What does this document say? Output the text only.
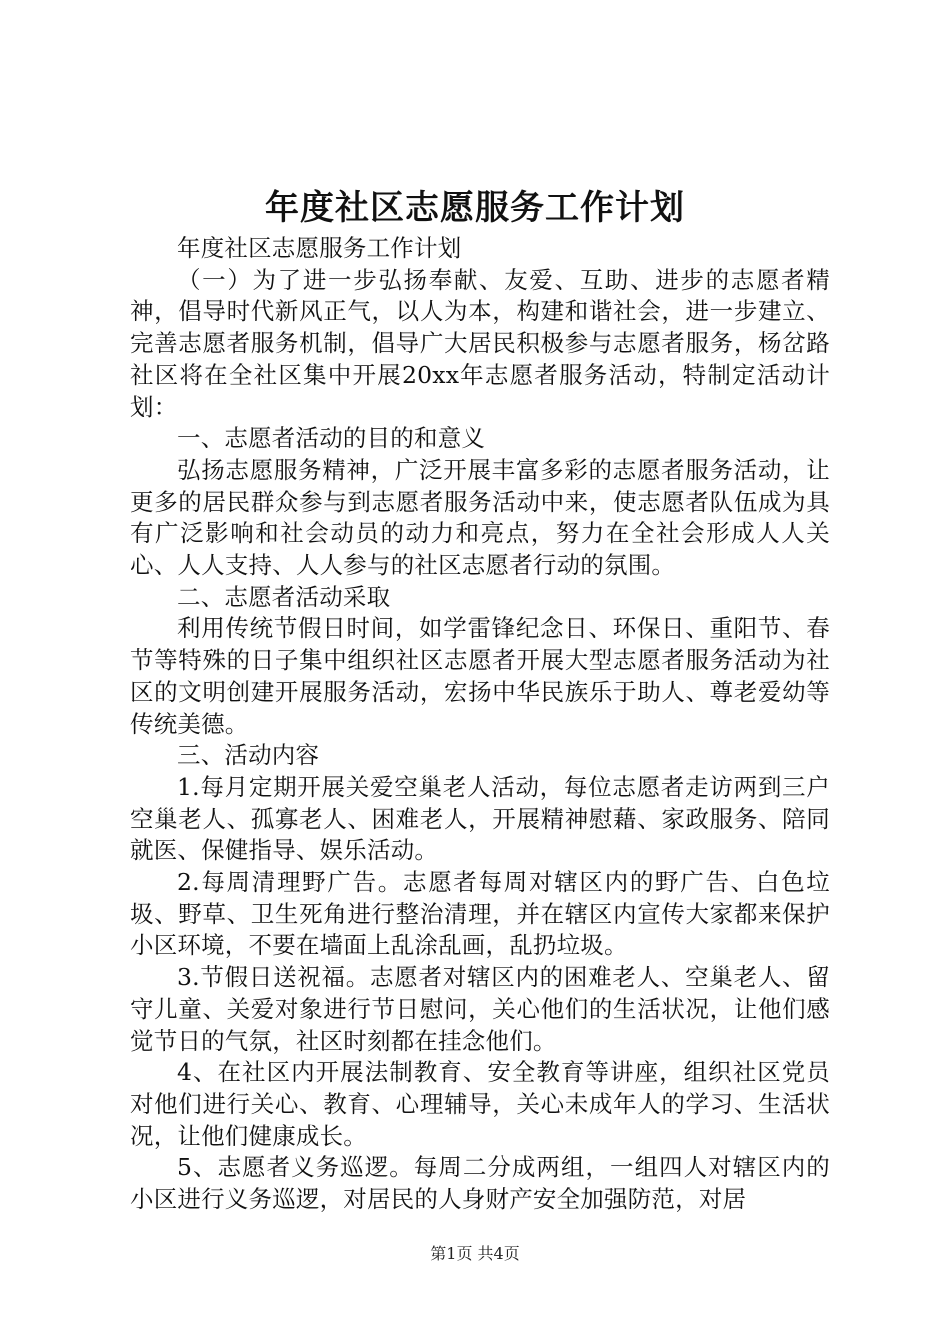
年度社区志愿服务工作计划

年度社区志愿服务工作计划

（一）为了进一步弘扬奉献、友爱、互助、进步的志愿者精神，倡导时代新风正气，以人为本，构建和谐社会，进一步建立、完善志愿者服务机制，倡导广大居民积极参与志愿者服务，杨岔路社区将在全社区集中开展20xx年志愿者服务活动，特制定活动计划：

一、志愿者活动的目的和意义

弘扬志愿服务精神，广泛开展丰富多彩的志愿者服务活动，让更多的居民群众参与到志愿者服务活动中来，使志愿者队伍成为具有广泛影响和社会动员的动力和亮点，努力在全社会形成人人关心、人人支持、人人参与的社区志愿者行动的氛围。

二、志愿者活动采取

利用传统节假日时间，如学雷锋纪念日、环保日、重阳节、春节等特殊的日子集中组织社区志愿者开展大型志愿者服务活动为社区的文明创建开展服务活动，宏扬中华民族乐于助人、尊老爱幼等传统美德。

三、活动内容

1.每月定期开展关爱空巢老人活动，每位志愿者走访两到三户空巢老人、孤寡老人、困难老人，开展精神慰藉、家政服务、陪同就医、保健指导、娱乐活动。

2.每周清理野广告。志愿者每周对辖区内的野广告、白色垃圾、野草、卫生死角进行整治清理，并在辖区内宣传大家都来保护小区环境，不要在墙面上乱涂乱画，乱扔垃圾。

3.节假日送祝福。志愿者对辖区内的困难老人、空巢老人、留守儿童、关爱对象进行节日慰问，关心他们的生活状况，让他们感觉节日的气氛，社区时刻都在挂念他们。

4、在社区内开展法制教育、安全教育等讲座，组织社区党员对他们进行关心、教育、心理辅导，关心未成年人的学习、生活状况，让他们健康成长。

5、志愿者义务巡逻。每周二分成两组，一组四人对辖区内的小区进行义务巡逻，对居民的人身财产安全加强防范，对居

第1页 共4页
